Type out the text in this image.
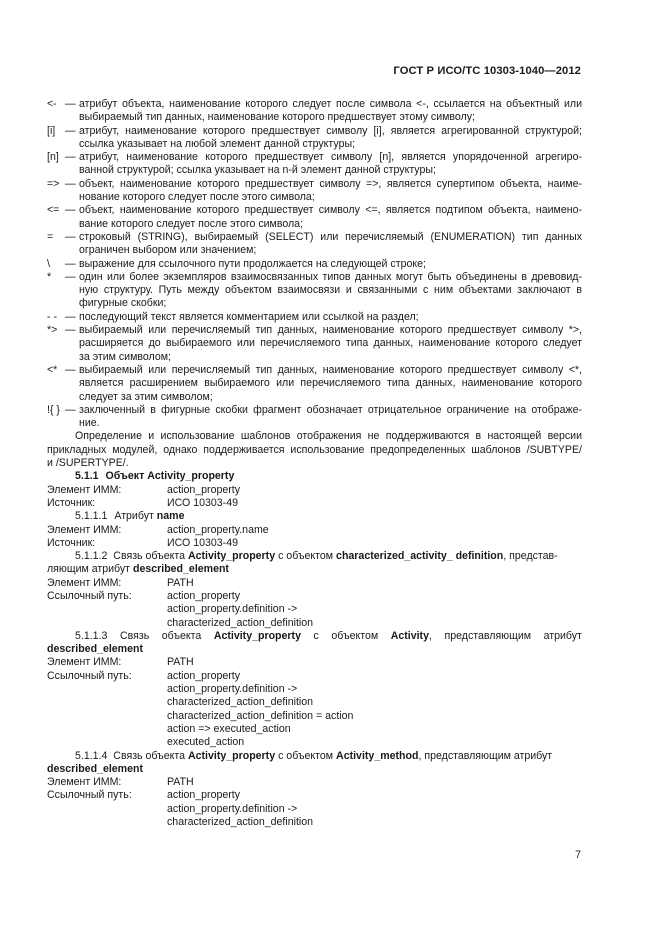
ГОСТ Р ИСО/ТС 10303-1040—2012
<- — атрибут объекта, наименование которого следует после символа <-, ссылается на объектный или
выбираемый тип данных, наименование которого предшествует этому символу;
[i] — атрибут, наименование которого предшествует символу [i], является агрегированной структурой;
ссылка указывает на любой элемент данной структуры;
[n] — атрибут, наименование которого предшествует символу [n], является упорядоченной агрегиро-
ванной структурой; ссылка указывает на n-й элемент данной структуры;
=> — объект, наименование которого предшествует символу =>, является супертипом объекта, наиме-
нование которого следует после этого символа;
<= — объект, наименование которого предшествует символу <=, является подтипом объекта, наимено-
вание которого следует после этого символа;
=	— строковый (STRING), выбираемый (SELECT) или перечисляемый (ENUMERATION) тип данных
ограничен выбором или значением;
\	— выражение для ссылочного пути продолжается на следующей строке;
*	— один или более экземпляров взаимосвязанных типов данных могут быть объединены в древовид-
ную структуру. Путь между объектом взаимосвязи и связанными с ним объектами заключают в
фигурные скобки;
- - — последующий текст является комментарием или ссылкой на раздел;
*> — выбираемый или перечисляемый тип данных, наименование которого предшествует символу *>,
расширяется до выбираемого или перечисляемого типа данных, наименование которого следует
за этим символом;
<* — выбираемый или перечисляемый тип данных, наименование которого предшествует символу <*,
является расширением выбираемого или перечисляемого типа данных, наименование которого
следует за этим символом;
!{ } — заключенный в фигурные скобки фрагмент обозначает отрицательное ограничение на отображе-
ние.
Определение и использование шаблонов отображения не поддерживаются в настоящей версии
прикладных модулей, однако поддерживается использование предопределенных шаблонов /SUBTYPE/
и /SUPERTYPE/.
5.1.1 Объект Activity_property
Элемент ИММ:	action_property
Источник:	ИСО 10303-49
5.1.1.1 Атрибут name
Элемент ИММ:	action_property.name
Источник:	ИСО 10303-49
5.1.1.2 Связь объекта Activity_property с объектом characterized_activity_ definition, представ-
ляющим атрибут described_element
Элемент ИММ:	PATH
Ссылочный путь:	action_property
action_property.definition ->
characterized_action_definition
5.1.1.3 Связь объекта Activity_property с объектом Activity, представляющим атрибут
described_element
Элемент ИММ:	PATH
Ссылочный путь:	action_property
action_property.definition ->
characterized_action_definition
characterized_action_definition = action
action => executed_action
executed_action
5.1.1.4 Связь объекта Activity_property с объектом Activity_method, представляющим атрибут
described_element
Элемент ИММ:	PATH
Ссылочный путь:	action_property
action_property.definition ->
characterized_action_definition
7
